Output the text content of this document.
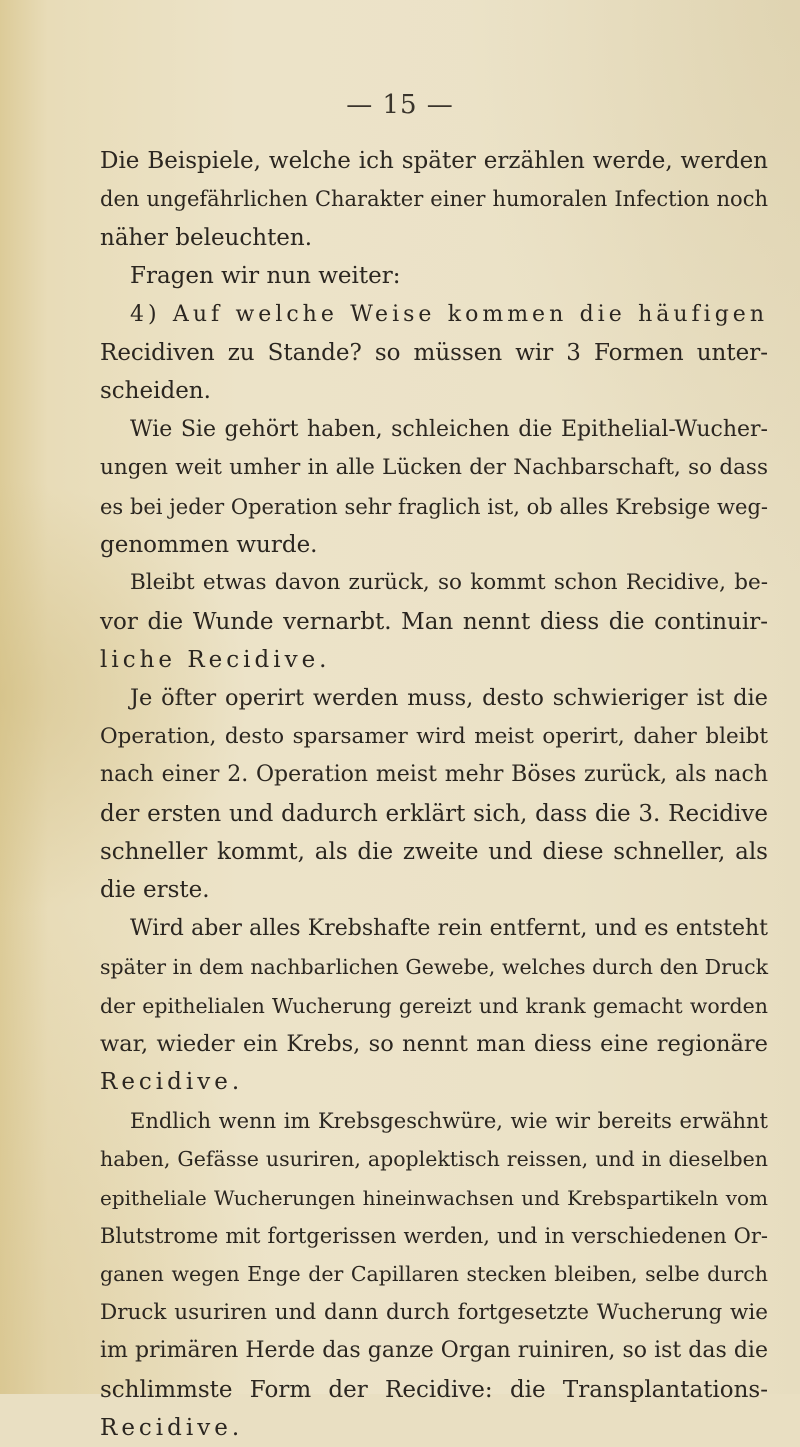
— 15 —
Die Beispiele, welche ich später erzählen werde, werden
den ungefährlichen Charakter einer humoralen Infection noch
näher beleuchten.
Fragen wir nun weiter:
4) Auf welche Weise kommen die häufigen
Recidiven zu Stande? so müssen wir 3 Formen unter-
scheiden.
Wie Sie gehört haben, schleichen die Epithelial-Wucher-
ungen weit umher in alle Lücken der Nachbarschaft, so dass
es bei jeder Operation sehr fraglich ist, ob alles Krebsige weg-
genommen wurde.
Bleibt etwas davon zurück, so kommt schon Recidive, be-
vor die Wunde vernarbt. Man nennt diess die continuir-
liche Recidive.
Je öfter operirt werden muss, desto schwieriger ist die
Operation, desto sparsamer wird meist operirt, daher bleibt
nach einer 2. Operation meist mehr Böses zurück, als nach
der ersten und dadurch erklärt sich, dass die 3. Recidive
schneller kommt, als die zweite und diese schneller, als
die erste.
Wird aber alles Krebshafte rein entfernt, und es entsteht
später in dem nachbarlichen Gewebe, welches durch den Druck
der epithelialen Wucherung gereizt und krank gemacht worden
war, wieder ein Krebs, so nennt man diess eine regionäre
Recidive.
Endlich wenn im Krebsgeschwüre, wie wir bereits erwähnt
haben, Gefässe usuriren, apoplektisch reissen, und in dieselben
epitheliale Wucherungen hineinwachsen und Krebspartikeln vom
Blutstrome mit fortgerissen werden, und in verschiedenen Or-
ganen wegen Enge der Capillaren stecken bleiben, selbe durch
Druck usuriren und dann durch fortgesetzte Wucherung wie
im primären Herde das ganze Organ ruiniren, so ist das die
schlimmste Form der Recidive: die Transplantations-
Recidive.
